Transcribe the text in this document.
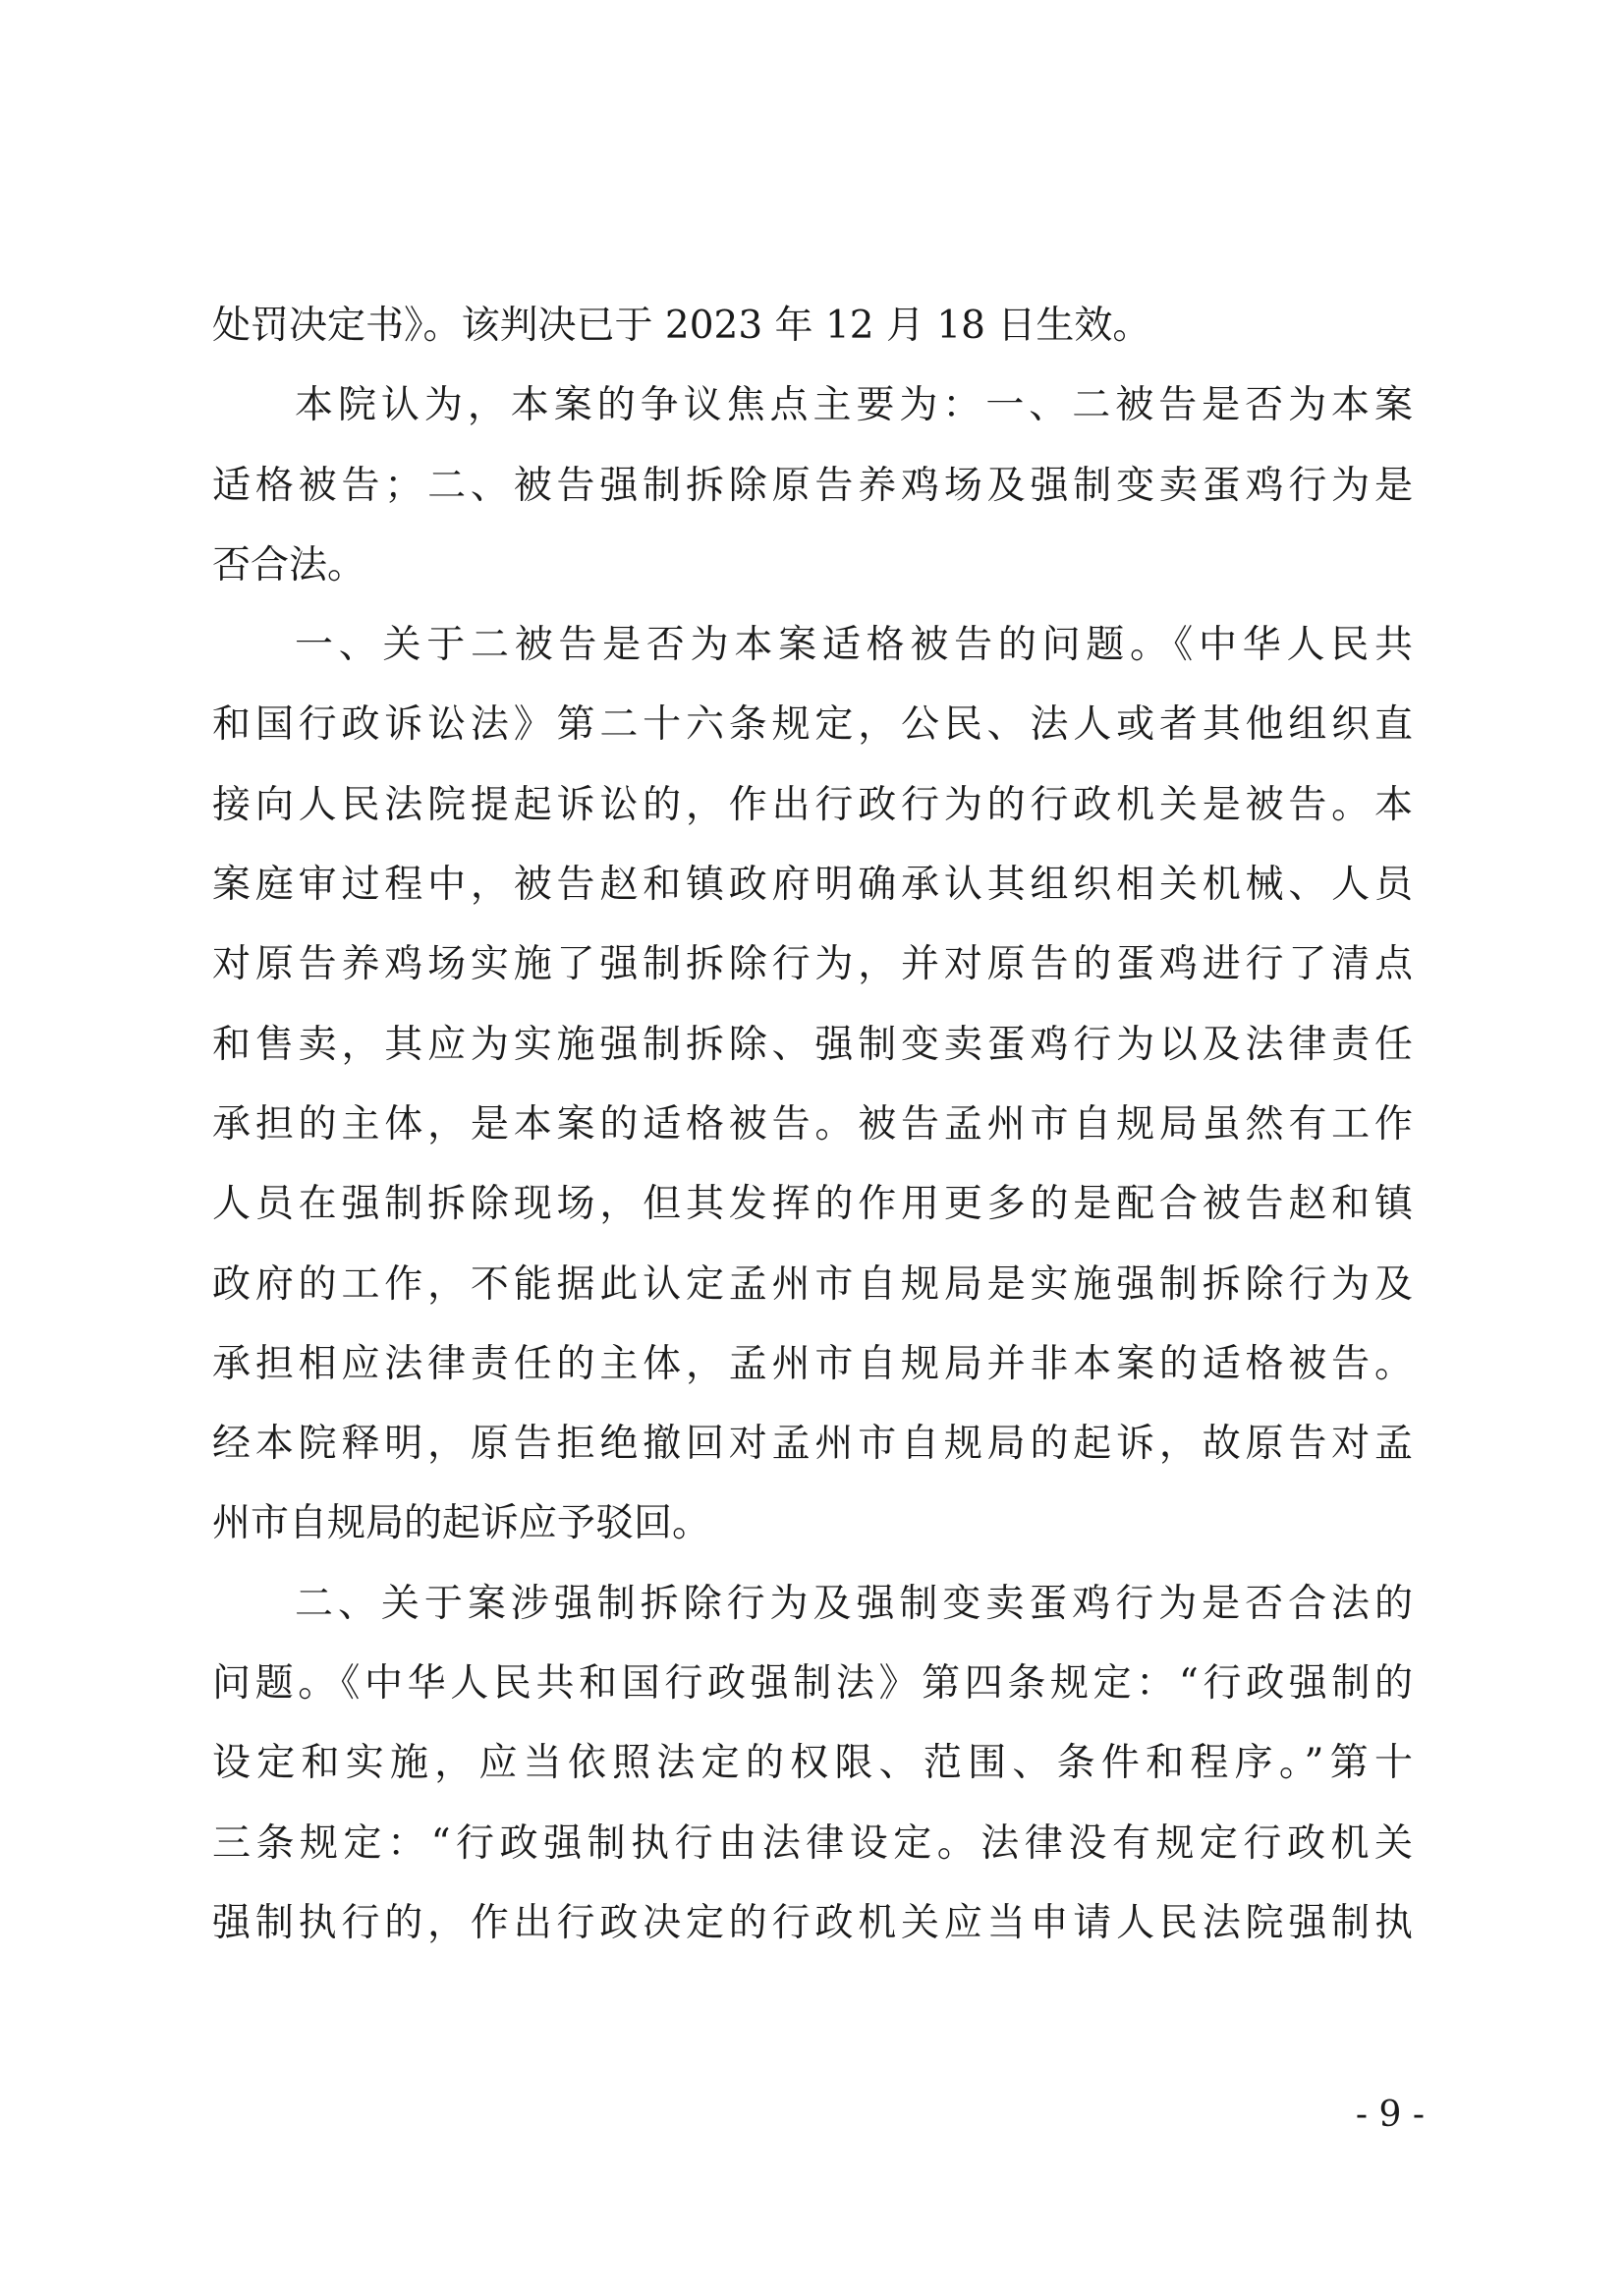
处罚决定书》。该判决已于 2023 年 12 月 18 日生效。
本院认为，本案的争议焦点主要为：一、二被告是否为本案
适格被告；二、被告强制拆除原告养鸡场及强制变卖蛋鸡行为是
否合法。
一、关于二被告是否为本案适格被告的问题。《中华人民共
和国行政诉讼法》第二十六条规定，公民、法人或者其他组织直
接向人民法院提起诉讼的，作出行政行为的行政机关是被告。本
案庭审过程中，被告赵和镇政府明确承认其组织相关机械、人员
对原告养鸡场实施了强制拆除行为，并对原告的蛋鸡进行了清点
和售卖，其应为实施强制拆除、强制变卖蛋鸡行为以及法律责任
承担的主体，是本案的适格被告。被告孟州市自规局虽然有工作
人员在强制拆除现场，但其发挥的作用更多的是配合被告赵和镇
政府的工作，不能据此认定孟州市自规局是实施强制拆除行为及
承担相应法律责任的主体，孟州市自规局并非本案的适格被告。
经本院释明，原告拒绝撤回对孟州市自规局的起诉，故原告对孟
州市自规局的起诉应予驳回。
二、关于案涉强制拆除行为及强制变卖蛋鸡行为是否合法的
问题。《中华人民共和国行政强制法》第四条规定：“行政强制的
设定和实施，应当依照法定的权限、范围、条件和程序。”第十
三条规定：“行政强制执行由法律设定。法律没有规定行政机关
强制执行的，作出行政决定的行政机关应当申请人民法院强制执
- 9 -
